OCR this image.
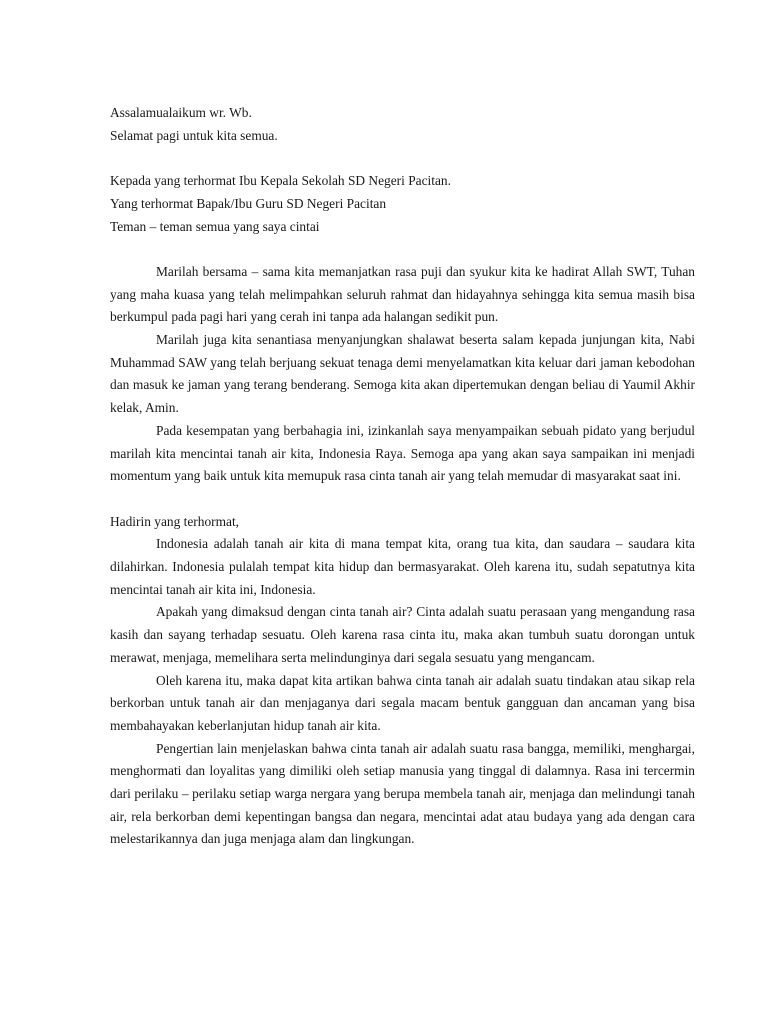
Assalamualaikum wr. Wb.

Selamat pagi untuk kita semua.

Kepada yang terhormat Ibu Kepala Sekolah SD Negeri Pacitan.

Yang terhormat Bapak/Ibu Guru SD Negeri Pacitan

Teman – teman semua yang saya cintai

Marilah bersama – sama kita memanjatkan rasa puji dan syukur kita ke hadirat Allah SWT, Tuhan yang maha kuasa yang telah melimpahkan seluruh rahmat dan hidayahnya sehingga kita semua masih bisa berkumpul pada pagi hari yang cerah ini tanpa ada halangan sedikit pun.

Marilah juga kita senantiasa menyanjungkan shalawat beserta salam kepada junjungan kita, Nabi Muhammad SAW yang telah berjuang sekuat tenaga demi menyelamatkan kita keluar dari jaman kebodohan dan masuk ke jaman yang terang benderang. Semoga kita akan dipertemukan dengan beliau di Yaumil Akhir kelak, Amin.

Pada kesempatan yang berbahagia ini, izinkanlah saya menyampaikan sebuah pidato yang berjudul marilah kita mencintai tanah air kita, Indonesia Raya. Semoga apa yang akan saya sampaikan ini menjadi momentum yang baik untuk kita memupuk rasa cinta tanah air yang telah memudar di masyarakat saat ini.

Hadirin yang terhormat,

Indonesia adalah tanah air kita di mana tempat kita, orang tua kita, dan saudara – saudara kita dilahirkan. Indonesia pulalah tempat kita hidup dan bermasyarakat. Oleh karena itu, sudah sepatutnya kita mencintai tanah air kita ini, Indonesia.

Apakah yang dimaksud dengan cinta tanah air? Cinta adalah suatu perasaan yang mengandung rasa kasih dan sayang terhadap sesuatu. Oleh karena rasa cinta itu, maka akan tumbuh suatu dorongan untuk merawat, menjaga, memelihara serta melindunginya dari segala sesuatu yang mengancam.

Oleh karena itu, maka dapat kita artikan bahwa cinta tanah air adalah suatu tindakan atau sikap rela berkorban untuk tanah air dan menjaganya dari segala macam bentuk gangguan dan ancaman yang bisa membahayakan keberlanjutan hidup tanah air kita.

Pengertian lain menjelaskan bahwa cinta tanah air adalah suatu rasa bangga, memiliki, menghargai, menghormati dan loyalitas yang dimiliki oleh setiap manusia yang tinggal di dalamnya. Rasa ini tercermin dari perilaku – perilaku setiap warga nergara yang berupa membela tanah air, menjaga dan melindungi tanah air, rela berkorban demi kepentingan bangsa dan negara, mencintai adat atau budaya yang ada dengan cara melestarikannya dan juga menjaga alam dan lingkungan.
